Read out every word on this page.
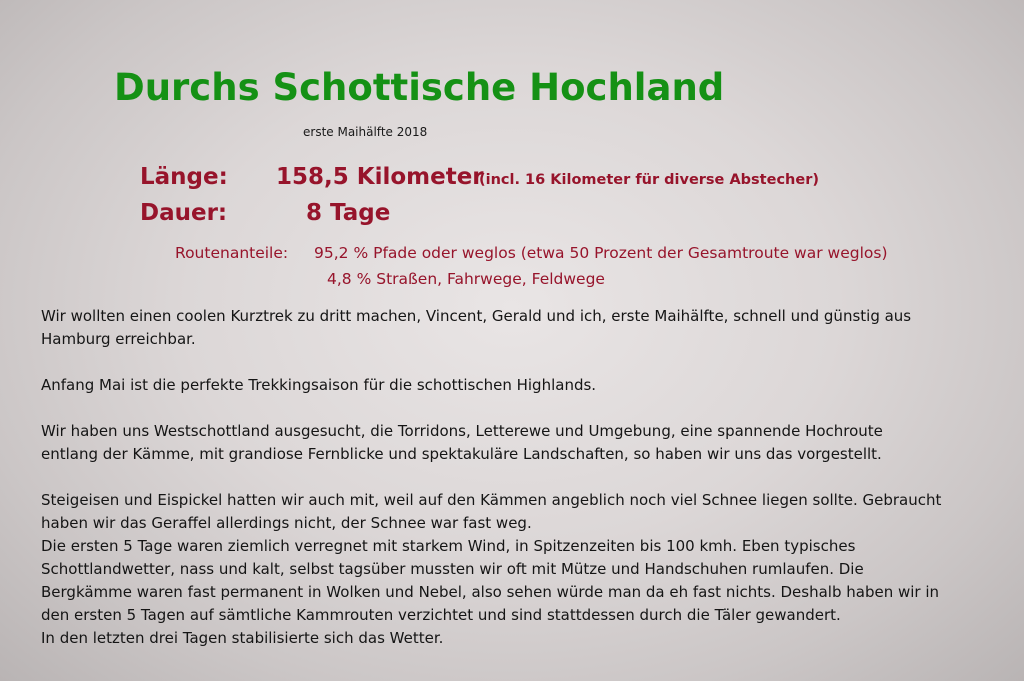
Durchs Schottische Hochland
erste Maihälfte 2018
Länge: 158,5 Kilometer
(incl. 16 Kilometer für diverse Abstecher)
Dauer:	8 Tage
Routenanteile: 95,2 % Pfade oder weglos (etwa 50 Prozent der Gesamtroute war weglos)
4,8 % Straßen, Fahrwege, Feldwege

Wir wollten einen coolen Kurztrek zu dritt machen, Vincent, Gerald und ich, erste Maihälfte, schnell und günstig aus
Hamburg erreichbar.

Anfang Mai ist die perfekte Trekkingsaison für die schottischen Highlands.

Wir haben uns Westschottland ausgesucht, die Torridons, Letterewe und Umgebung, eine spannende Hochroute
entlang der Kämme, mit grandiose Fernblicke und spektakuläre Landschaften, so haben wir uns das vorgestellt.

Steigeisen und Eispickel hatten wir auch mit, weil auf den Kämmen angeblich noch viel Schnee liegen sollte. Gebraucht
haben wir das Geraffel allerdings nicht, der Schnee war fast weg.
Die ersten 5 Tage waren ziemlich verregnet mit starkem Wind, in Spitzenzeiten bis 100 kmh. Eben typisches
Schottlandwetter, nass und kalt, selbst tagsüber mussten wir oft mit Mütze und Handschuhen rumlaufen. Die
Bergkämme waren fast permanent in Wolken und Nebel, also sehen würde man da eh fast nichts. Deshalb haben wir in
den ersten 5 Tagen auf sämtliche Kammrouten verzichtet und sind stattdessen durch die Täler gewandert.
In den letzten drei Tagen stabilisierte sich das Wetter.
